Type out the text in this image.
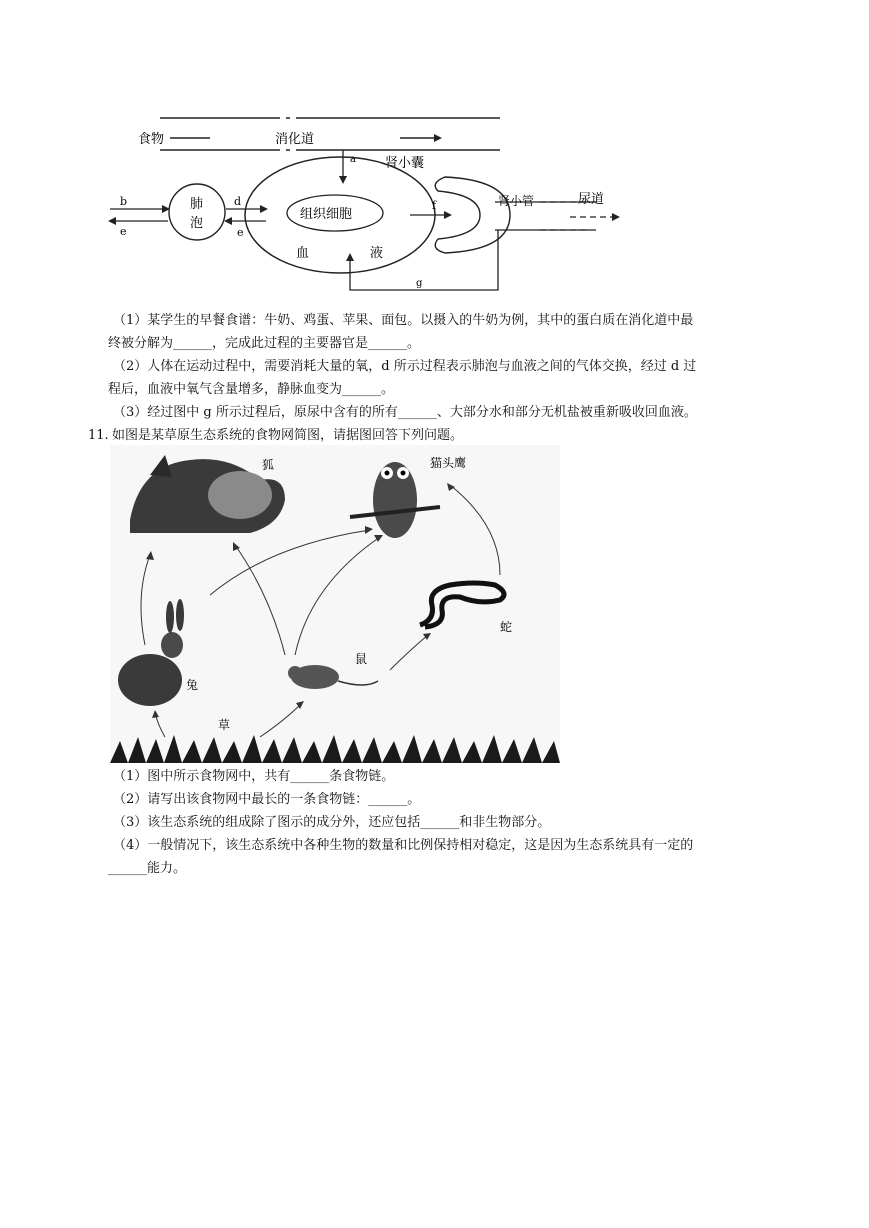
食物	消化道
a 肾小囊
肺
泡
b
e
d
e
组织细胞
血	液
f	肾小管	尿道
g
（1）某学生的早餐食谱：牛奶、鸡蛋、苹果、面包。以摄入的牛奶为例，其中的蛋白质在消化道中最
终被分解为______，完成此过程的主要器官是______。
（2）人体在运动过程中，需要消耗大量的氧，d 所示过程表示肺泡与血液之间的气体交换，经过 d 过
程后，血液中氧气含量增多，静脉血变为______。
（3）经过图中 g 所示过程后，原尿中含有的所有______、大部分水和部分无机盐被重新吸收回血液。
11. 如图是某草原生态系统的食物网简图，请据图回答下列问题。
狐	猫头鹰
兔
鼠
蛇
草
（1）图中所示食物网中，共有______条食物链。
（2）请写出该食物网中最长的一条食物链：______。
（3）该生态系统的组成除了图示的成分外，还应包括______和非生物部分。
（4）一般情况下，该生态系统中各种生物的数量和比例保持相对稳定，这是因为生态系统具有一定的
______能力。
